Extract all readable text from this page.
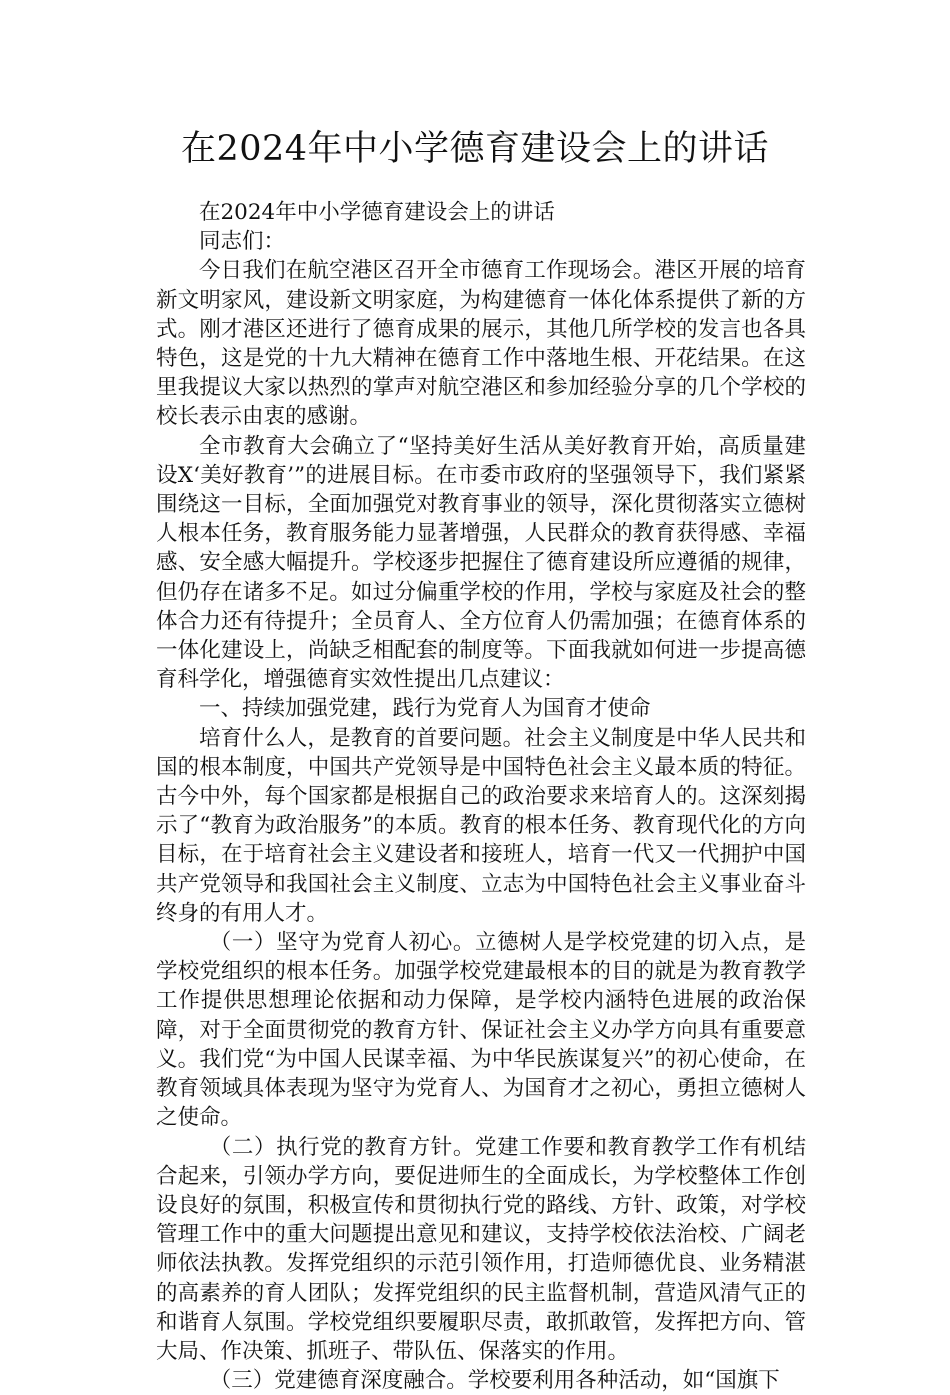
在2024年中小学德育建设会上的讲话

在2024年中小学德育建设会上的讲话

同志们：

今日我们在航空港区召开全市德育工作现场会。港区开展的培育新文明家风，建设新文明家庭，为构建德育一体化体系提供了新的方式。刚才港区还进行了德育成果的展示，其他几所学校的发言也各具特色，这是党的十九大精神在德育工作中落地生根、开花结果。在这里我提议大家以热烈的掌声对航空港区和参加经验分享的几个学校的校长表示由衷的感谢。

全市教育大会确立了“坚持美好生活从美好教育开始，高质量建设X‘美好教育’”的进展目标。在市委市政府的坚强领导下，我们紧紧围绕这一目标，全面加强党对教育事业的领导，深化贯彻落实立德树人根本任务，教育服务能力显著增强，人民群众的教育获得感、幸福感、安全感大幅提升。学校逐步把握住了德育建设所应遵循的规律，但仍存在诸多不足。如过分偏重学校的作用，学校与家庭及社会的整体合力还有待提升；全员育人、全方位育人仍需加强；在德育体系的一体化建设上，尚缺乏相配套的制度等。下面我就如何进一步提高德育科学化，增强德育实效性提出几点建议：

一、持续加强党建，践行为党育人为国育才使命

培育什么人，是教育的首要问题。社会主义制度是中华人民共和国的根本制度，中国共产党领导是中国特色社会主义最本质的特征。古今中外，每个国家都是根据自己的政治要求来培育人的。这深刻揭示了“教育为政治服务”的本质。教育的根本任务、教育现代化的方向目标，在于培育社会主义建设者和接班人，培育一代又一代拥护中国共产党领导和我国社会主义制度、立志为中国特色社会主义事业奋斗终身的有用人才。

（一）坚守为党育人初心。立德树人是学校党建的切入点，是学校党组织的根本任务。加强学校党建最根本的目的就是为教育教学工作提供思想理论依据和动力保障，是学校内涵特色进展的政治保障，对于全面贯彻党的教育方针、保证社会主义办学方向具有重要意义。我们党“为中国人民谋幸福、为中华民族谋复兴”的初心使命，在教育领域具体表现为坚守为党育人、为国育才之初心，勇担立德树人之使命。

（二）执行党的教育方针。党建工作要和教育教学工作有机结合起来，引领办学方向，要促进师生的全面成长，为学校整体工作创设良好的氛围，积极宣传和贯彻执行党的路线、方针、政策，对学校管理工作中的重大问题提出意见和建议，支持学校依法治校、广阔老师依法执教。发挥党组织的示范引领作用，打造师德优良、业务精湛的高素养的育人团队；发挥党组织的民主监督机制，营造风清气正的和谐育人氛围。学校党组织要履职尽责，敢抓敢管，发挥把方向、管大局、作决策、抓班子、带队伍、保落实的作用。

（三）党建德育深度融合。学校要利用各种活动，如“国旗下
